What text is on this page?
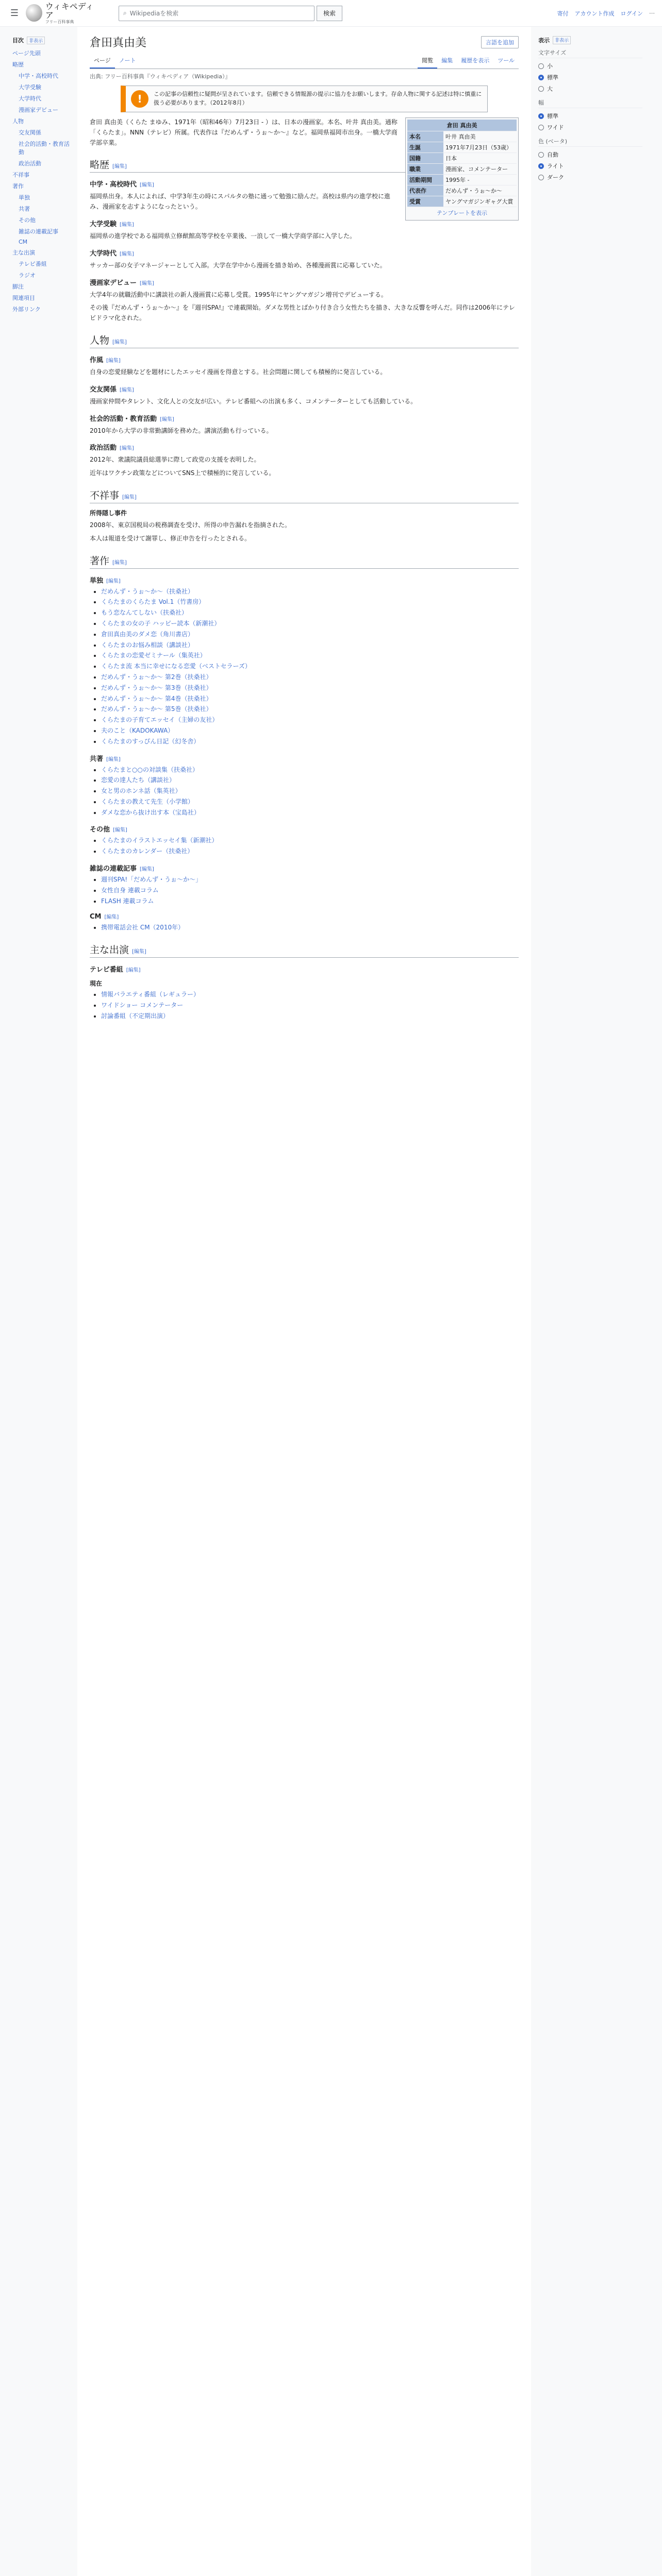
☰
ウィキペディア
フリー百科事典
⌕ Wikipediaを検索	検索	寄付 アカウント作成 ログイン ⋯
目次	非表示
ページ先頭
略歴
中学・高校時代
大学受験
大学時代
漫画家デビュー
人物
交友関係
社会的活動・教育活動
政治活動
不祥事
著作
単独
共著
その他
雑誌の連載記事
CM
主な出演
テレビ番組
ラジオ
脚注
関連項目
外部リンク
倉田真由美	言語を追加
ページ	ノート	閲覧	編集	履歴を表示	ツール
出典: フリー百科事典『ウィキペディア（Wikipedia）』
!	この記事の信頼性に疑問が呈されています。信頼できる情報源の提示に協力をお願いします。存命人物に関する記述は特に慎重に扱う必要があります。（2012年8月）
倉田 真由美
本名	叶井 真由美
生誕	1971年7月23日（53歳）
国籍	日本
職業	漫画家、コメンテーター
活動期間	1995年 -
代表作	だめんず・うぉ〜か〜
受賞	ヤングマガジンギャグ大賞
テンプレートを表示

倉田 真由美（くらた まゆみ、1971年（昭和46年）7月23日 - ）は、日本の漫画家。本名、叶井 真由美。通称「くらたま」。NNN（テレビ）所属。代表作は『だめんず・うぉ〜か〜』など。福岡県福岡市出身。一橋大学商学部卒業。

略歴 [編集]
中学・高校時代 [編集]

福岡県出身。本人によれば、中学3年生の時にスパルタの塾に通って勉強に励んだ。高校は県内の進学校に進み、漫画家を志すようになったという。

大学受験 [編集]

福岡県の進学校である福岡県立修猷館高等学校を卒業後、一浪して一橋大学商学部に入学した。

大学時代 [編集]

サッカー部の女子マネージャーとして入部。大学在学中から漫画を描き始め、各種漫画賞に応募していた。

漫画家デビュー [編集]

大学4年の就職活動中に講談社の新人漫画賞に応募し受賞。1995年にヤングマガジン増刊でデビューする。

その後『だめんず・うぉ〜か〜』を『週刊SPA!』で連載開始。ダメな男性とばかり付き合う女性たちを描き、大きな反響を呼んだ。同作は2006年にテレビドラマ化された。

人物 [編集]
作風 [編集]

自身の恋愛経験などを題材にしたエッセイ漫画を得意とする。社会問題に関しても積極的に発言している。

交友関係 [編集]

漫画家仲間やタレント、文化人との交友が広い。テレビ番組への出演も多く、コメンテーターとしても活動している。

社会的活動・教育活動 [編集]

2010年から大学の非常勤講師を務めた。講演活動も行っている。

政治活動 [編集]

2012年、衆議院議員総選挙に際して政党の支援を表明した。

近年はワクチン政策などについてSNS上で積極的に発言している。

不祥事 [編集]
所得隠し事件

2008年、東京国税局の税務調査を受け、所得の申告漏れを指摘された。

本人は報道を受けて謝罪し、修正申告を行ったとされる。

著作 [編集]
単独 [編集]
• だめんず・うぉ〜か〜（扶桑社）
• くらたまのくらたま Vol.1（竹書房）
• もう恋なんてしない（扶桑社）
• くらたまの女の子 ハッピー読本（新潮社）
• 倉田真由美のダメ恋（角川書店）
• くらたまのお悩み相談（講談社）
• くらたまの恋愛ゼミナール（集英社）
• くらたま流 本当に幸せになる恋愛（ベストセラーズ）
• だめんず・うぉ〜か〜 第2巻（扶桑社）
• だめんず・うぉ〜か〜 第3巻（扶桑社）
• だめんず・うぉ〜か〜 第4巻（扶桑社）
• だめんず・うぉ〜か〜 第5巻（扶桑社）
• くらたまの子育てエッセイ（主婦の友社）
• 夫のこと（KADOKAWA）
• くらたまのすっぴん日記（幻冬舎）
共著 [編集]
• くらたまと○○の対談集（扶桑社）
• 恋愛の達人たち（講談社）
• 女と男のホンネ話（集英社）
• くらたまの教えて先生（小学館）
• ダメな恋から抜け出す本（宝島社）
その他 [編集]
• くらたまのイラストエッセイ集（新潮社）
• くらたまのカレンダー（扶桑社）
雑誌の連載記事 [編集]
• 週刊SPA!「だめんず・うぉ〜か〜」
• 女性自身 連載コラム
• FLASH 連載コラム
CM [編集]
• 携帯電話会社 CM（2010年）
主な出演 [編集]
テレビ番組 [編集]
現在
• 情報バラエティ番組（レギュラー）
• ワイドショー コメンテーター
• 討論番組（不定期出演）
表示	非表示
文字サイズ
小
標準
大
幅
標準
ワイド
色 (ベータ)
自動
ライト
ダーク
